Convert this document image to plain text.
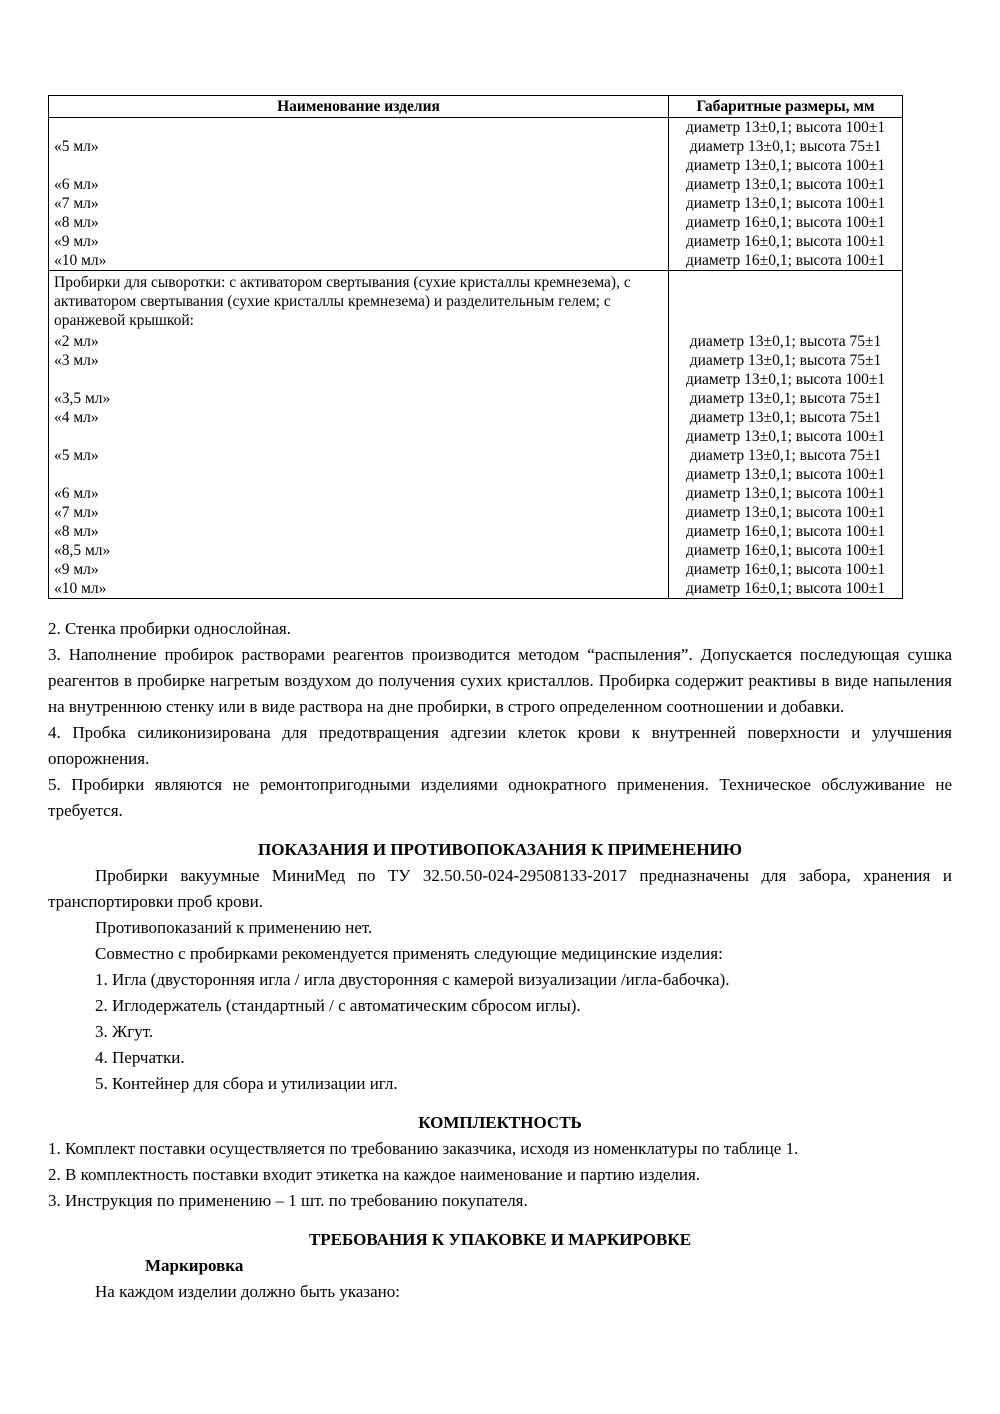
Наименование изделия	Габаритные размеры, мм
	диаметр 13±0,1; высота 100±1
«5 мл»	диаметр 13±0,1; высота 75±1
	диаметр 13±0,1; высота 100±1
«6 мл»	диаметр 13±0,1; высота 100±1
«7 мл»	диаметр 13±0,1; высота 100±1
«8 мл»	диаметр 16±0,1; высота 100±1
«9 мл»	диаметр 16±0,1; высота 100±1
«10 мл»	диаметр 16±0,1; высота 100±1
Пробирки для сыворотки: с активатором свертывания (сухие кристаллы кремнезема), с активатором свертывания (сухие кристаллы кремнезема) и разделительным гелем; с оранжевой крышкой:	
«2 мл»	диаметр 13±0,1; высота 75±1
«3 мл»	диаметр 13±0,1; высота 75±1
	диаметр 13±0,1; высота 100±1
«3,5 мл»	диаметр 13±0,1; высота 75±1
«4 мл»	диаметр 13±0,1; высота 75±1
	диаметр 13±0,1; высота 100±1
«5 мл»	диаметр 13±0,1; высота 75±1
	диаметр 13±0,1; высота 100±1
«6 мл»	диаметр 13±0,1; высота 100±1
«7 мл»	диаметр 13±0,1; высота 100±1
«8 мл»	диаметр 16±0,1; высота 100±1
«8,5 мл»	диаметр 16±0,1; высота 100±1
«9 мл»	диаметр 16±0,1; высота 100±1
«10 мл»	диаметр 16±0,1; высота 100±1

2. Стенка пробирки однослойная.

3. Наполнение пробирок растворами реагентов производится методом “распыления”. Допускается последующая сушка реагентов в пробирке нагретым воздухом до получения сухих кристаллов. Пробирка содержит реактивы в виде напыления на внутреннюю стенку или в виде раствора на дне пробирки, в строго определенном соотношении и добавки.

4. Пробка силиконизирована для предотвращения адгезии клеток крови к внутренней поверхности и улучшения опорожнения.

5. Пробирки являются не ремонтопригодными изделиями однократного применения. Техническое обслуживание не требуется.

ПОКАЗАНИЯ И ПРОТИВОПОКАЗАНИЯ К ПРИМЕНЕНИЮ

Пробирки вакуумные МиниМед по ТУ 32.50.50-024-29508133-2017 предназначены для забора, хранения и транспортировки проб крови.

Противопоказаний к применению нет.

Совместно с пробирками рекомендуется применять следующие медицинские изделия:

1. Игла (двусторонняя игла / игла двусторонняя с камерой визуализации /игла-бабочка).
2. Иглодержатель (стандартный / с автоматическим сбросом иглы).
3. Жгут.
4. Перчатки.
5. Контейнер для сбора и утилизации игл.
КОМПЛЕКТНОСТЬ

1. Комплект поставки осуществляется по требованию заказчика, исходя из номенклатуры по таблице 1.

2. В комплектность поставки входит этикетка на каждое наименование и партию изделия.

3. Инструкция по применению – 1 шт. по требованию покупателя.

ТРЕБОВАНИЯ К УПАКОВКЕ И МАРКИРОВКЕ

Маркировка

На каждом изделии должно быть указано:
